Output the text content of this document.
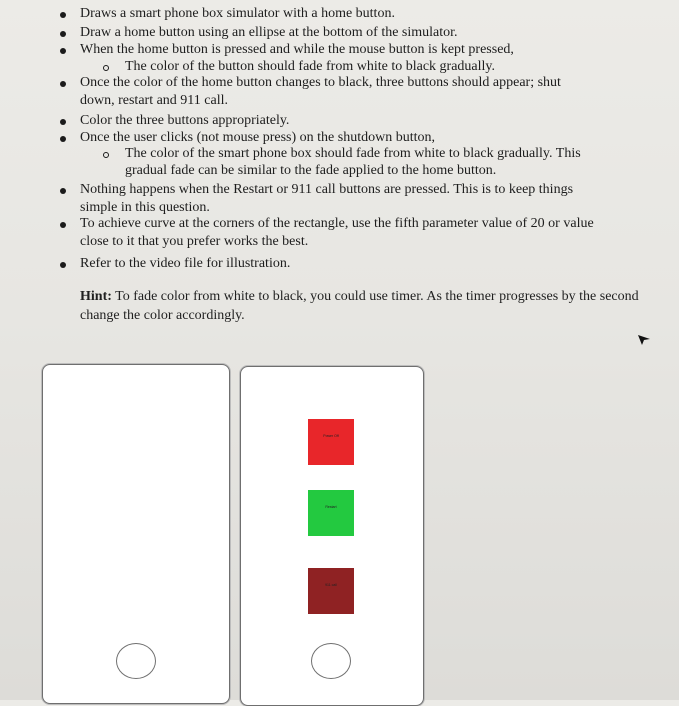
Draws a smart phone box simulator with a home button.
Draw a home button using an ellipse at the bottom of the simulator.
When the home button is pressed and while the mouse button is kept pressed,
The color of the button should fade from white to black gradually.
Once the color of the home button changes to black, three buttons should appear; shut
down, restart and 911 call.
Color the three buttons appropriately.
Once the user clicks (not mouse press) on the shutdown button,
The color of the smart phone box should fade from white to black gradually. This
gradual fade can be similar to the fade applied to the home button.
Nothing happens when the Restart or 911 call buttons are pressed. This is to keep things
simple in this question.
To achieve curve at the corners of the rectangle, use the fifth parameter value of 20 or value
close to it that you prefer works the best.
Refer to the video file for illustration.
Hint: To fade color from white to black, you could use timer. As the timer progresses by the second change the color accordingly.
Power Off
Restart
911 call
